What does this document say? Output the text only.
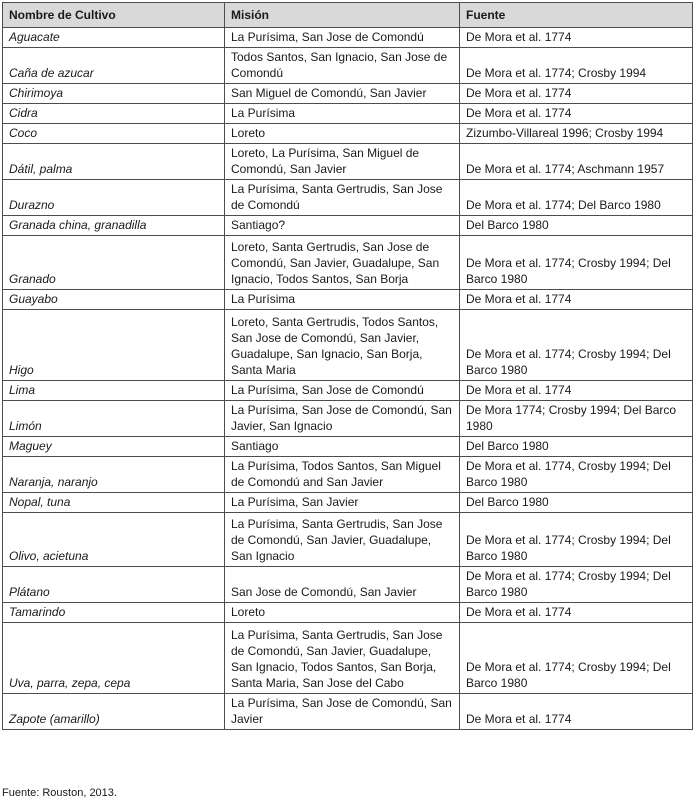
Nombre de Cultivo	Misión	Fuente
Aguacate	La Purísima, San Jose de Comondú	De Mora et al. 1774
Caña de azucar	Todos Santos, San Ignacio, San Jose de Comondú	De Mora et al. 1774; Crosby 1994
Chirimoya	San Miguel de Comondú, San Javier	De Mora et al. 1774
Cidra	La Purísima	De Mora et al. 1774
Coco	Loreto	Zizumbo-Villareal 1996; Crosby 1994
Dátil, palma	Loreto, La Purísima, San Miguel de Comondú, San Javier	De Mora et al. 1774; Aschmann 1957
Durazno	La Purísima, Santa Gertrudis, San Jose de Comondú	De Mora et al. 1774; Del Barco 1980
Granada china, granadilla	Santiago?	Del Barco 1980
Granado	Loreto, Santa Gertrudis, San Jose de Comondú, San Javier, Guadalupe, San Ignacio, Todos Santos, San Borja	De Mora et al. 1774; Crosby 1994; Del Barco 1980
Guayabo	La Purísima	De Mora et al. 1774
Higo	Loreto, Santa Gertrudis, Todos Santos, San Jose de Comondú, San Javier, Guadalupe, San Ignacio, San Borja, Santa Maria	De Mora et al. 1774; Crosby 1994; Del Barco 1980
Lima	La Purísima, San Jose de Comondú	De Mora et al. 1774
Limón	La Purísima, San Jose de Comondú, San Javier, San Ignacio	De Mora 1774; Crosby 1994; Del Barco 1980
Maguey	Santiago	Del Barco 1980
Naranja, naranjo	La Purísima, Todos Santos, San Miguel de Comondú and San Javier	De Mora et al. 1774, Crosby 1994; Del Barco 1980
Nopal, tuna	La Purísima, San Javier	Del Barco 1980
Olivo, acietuna	La Purísima, Santa Gertrudis, San Jose de Comondú, San Javier, Guadalupe, San Ignacio	De Mora et al. 1774; Crosby 1994; Del Barco 1980
Plátano	San Jose de Comondú, San Javier	De Mora et al. 1774; Crosby 1994; Del Barco 1980
Tamarindo	Loreto	De Mora et al. 1774
Uva, parra, zepa, cepa	La Purísima, Santa Gertrudis, San Jose de Comondú, San Javier, Guadalupe, San Ignacio, Todos Santos, San Borja, Santa Maria, San Jose del Cabo	De Mora et al. 1774; Crosby 1994; Del Barco 1980
Zapote (amarillo)	La Purísima, San Jose de Comondú, San Javier	De Mora et al. 1774
Fuente: Rouston, 2013.
